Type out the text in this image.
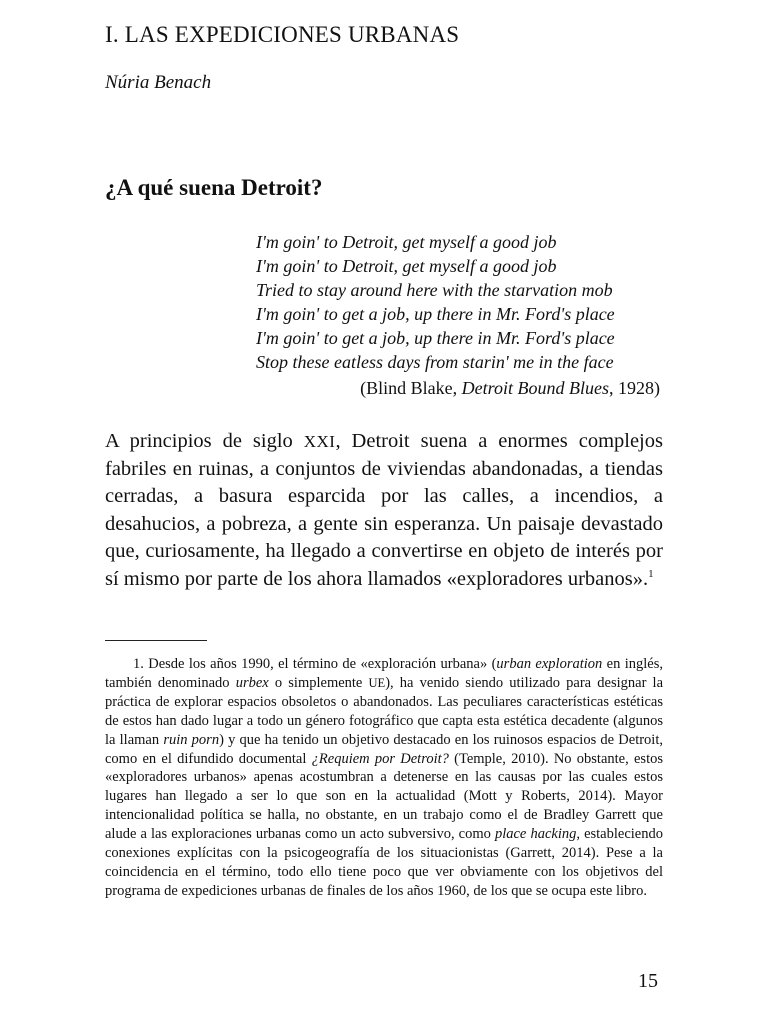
I. LAS EXPEDICIONES URBANAS
Núria Benach
¿A qué suena Detroit?
I'm goin' to Detroit, get myself a good job
I'm goin' to Detroit, get myself a good job
Tried to stay around here with the starvation mob
I'm goin' to get a job, up there in Mr. Ford's place
I'm goin' to get a job, up there in Mr. Ford's place
Stop these eatless days from starin' me in the face
(Blind Blake, Detroit Bound Blues, 1928)

A principios de siglo XXI, Detroit suena a enormes complejos fabriles en ruinas, a conjuntos de viviendas abandonadas, a tiendas cerradas, a basura esparcida por las calles, a incendios, a desahucios, a pobreza, a gente sin esperanza. Un paisaje devastado que, curiosamente, ha llegado a convertirse en objeto de interés por sí mismo por parte de los ahora llamados «exploradores urbanos».$^1$

1. Desde los años 1990, el término de «exploración urbana» (urban exploration en inglés, también denominado urbex o simplemente UE), ha venido siendo utilizado para designar la práctica de explorar espacios obsoletos o abandonados. Las peculiares características estéticas de estos han dado lugar a todo un género fotográfico que capta esta estética decadente (algunos la llaman ruin porn) y que ha tenido un objetivo destacado en los ruinosos espacios de Detroit, como en el difundido documental ¿Requiem por Detroit? (Temple, 2010). No obstante, estos «exploradores urbanos» apenas acostumbran a detenerse en las causas por las cuales estos lugares han llegado a ser lo que son en la actualidad (Mott y Roberts, 2014). Mayor intencionalidad política se halla, no obstante, en un trabajo como el de Bradley Garrett que alude a las exploraciones urbanas como un acto subversivo, como place hacking, estableciendo conexiones explícitas con la psicogeografía de los situacionistas (Garrett, 2014). Pese a la coincidencia en el término, todo ello tiene poco que ver obviamente con los objetivos del programa de expediciones urbanas de finales de los años 1960, de los que se ocupa este libro.

15
